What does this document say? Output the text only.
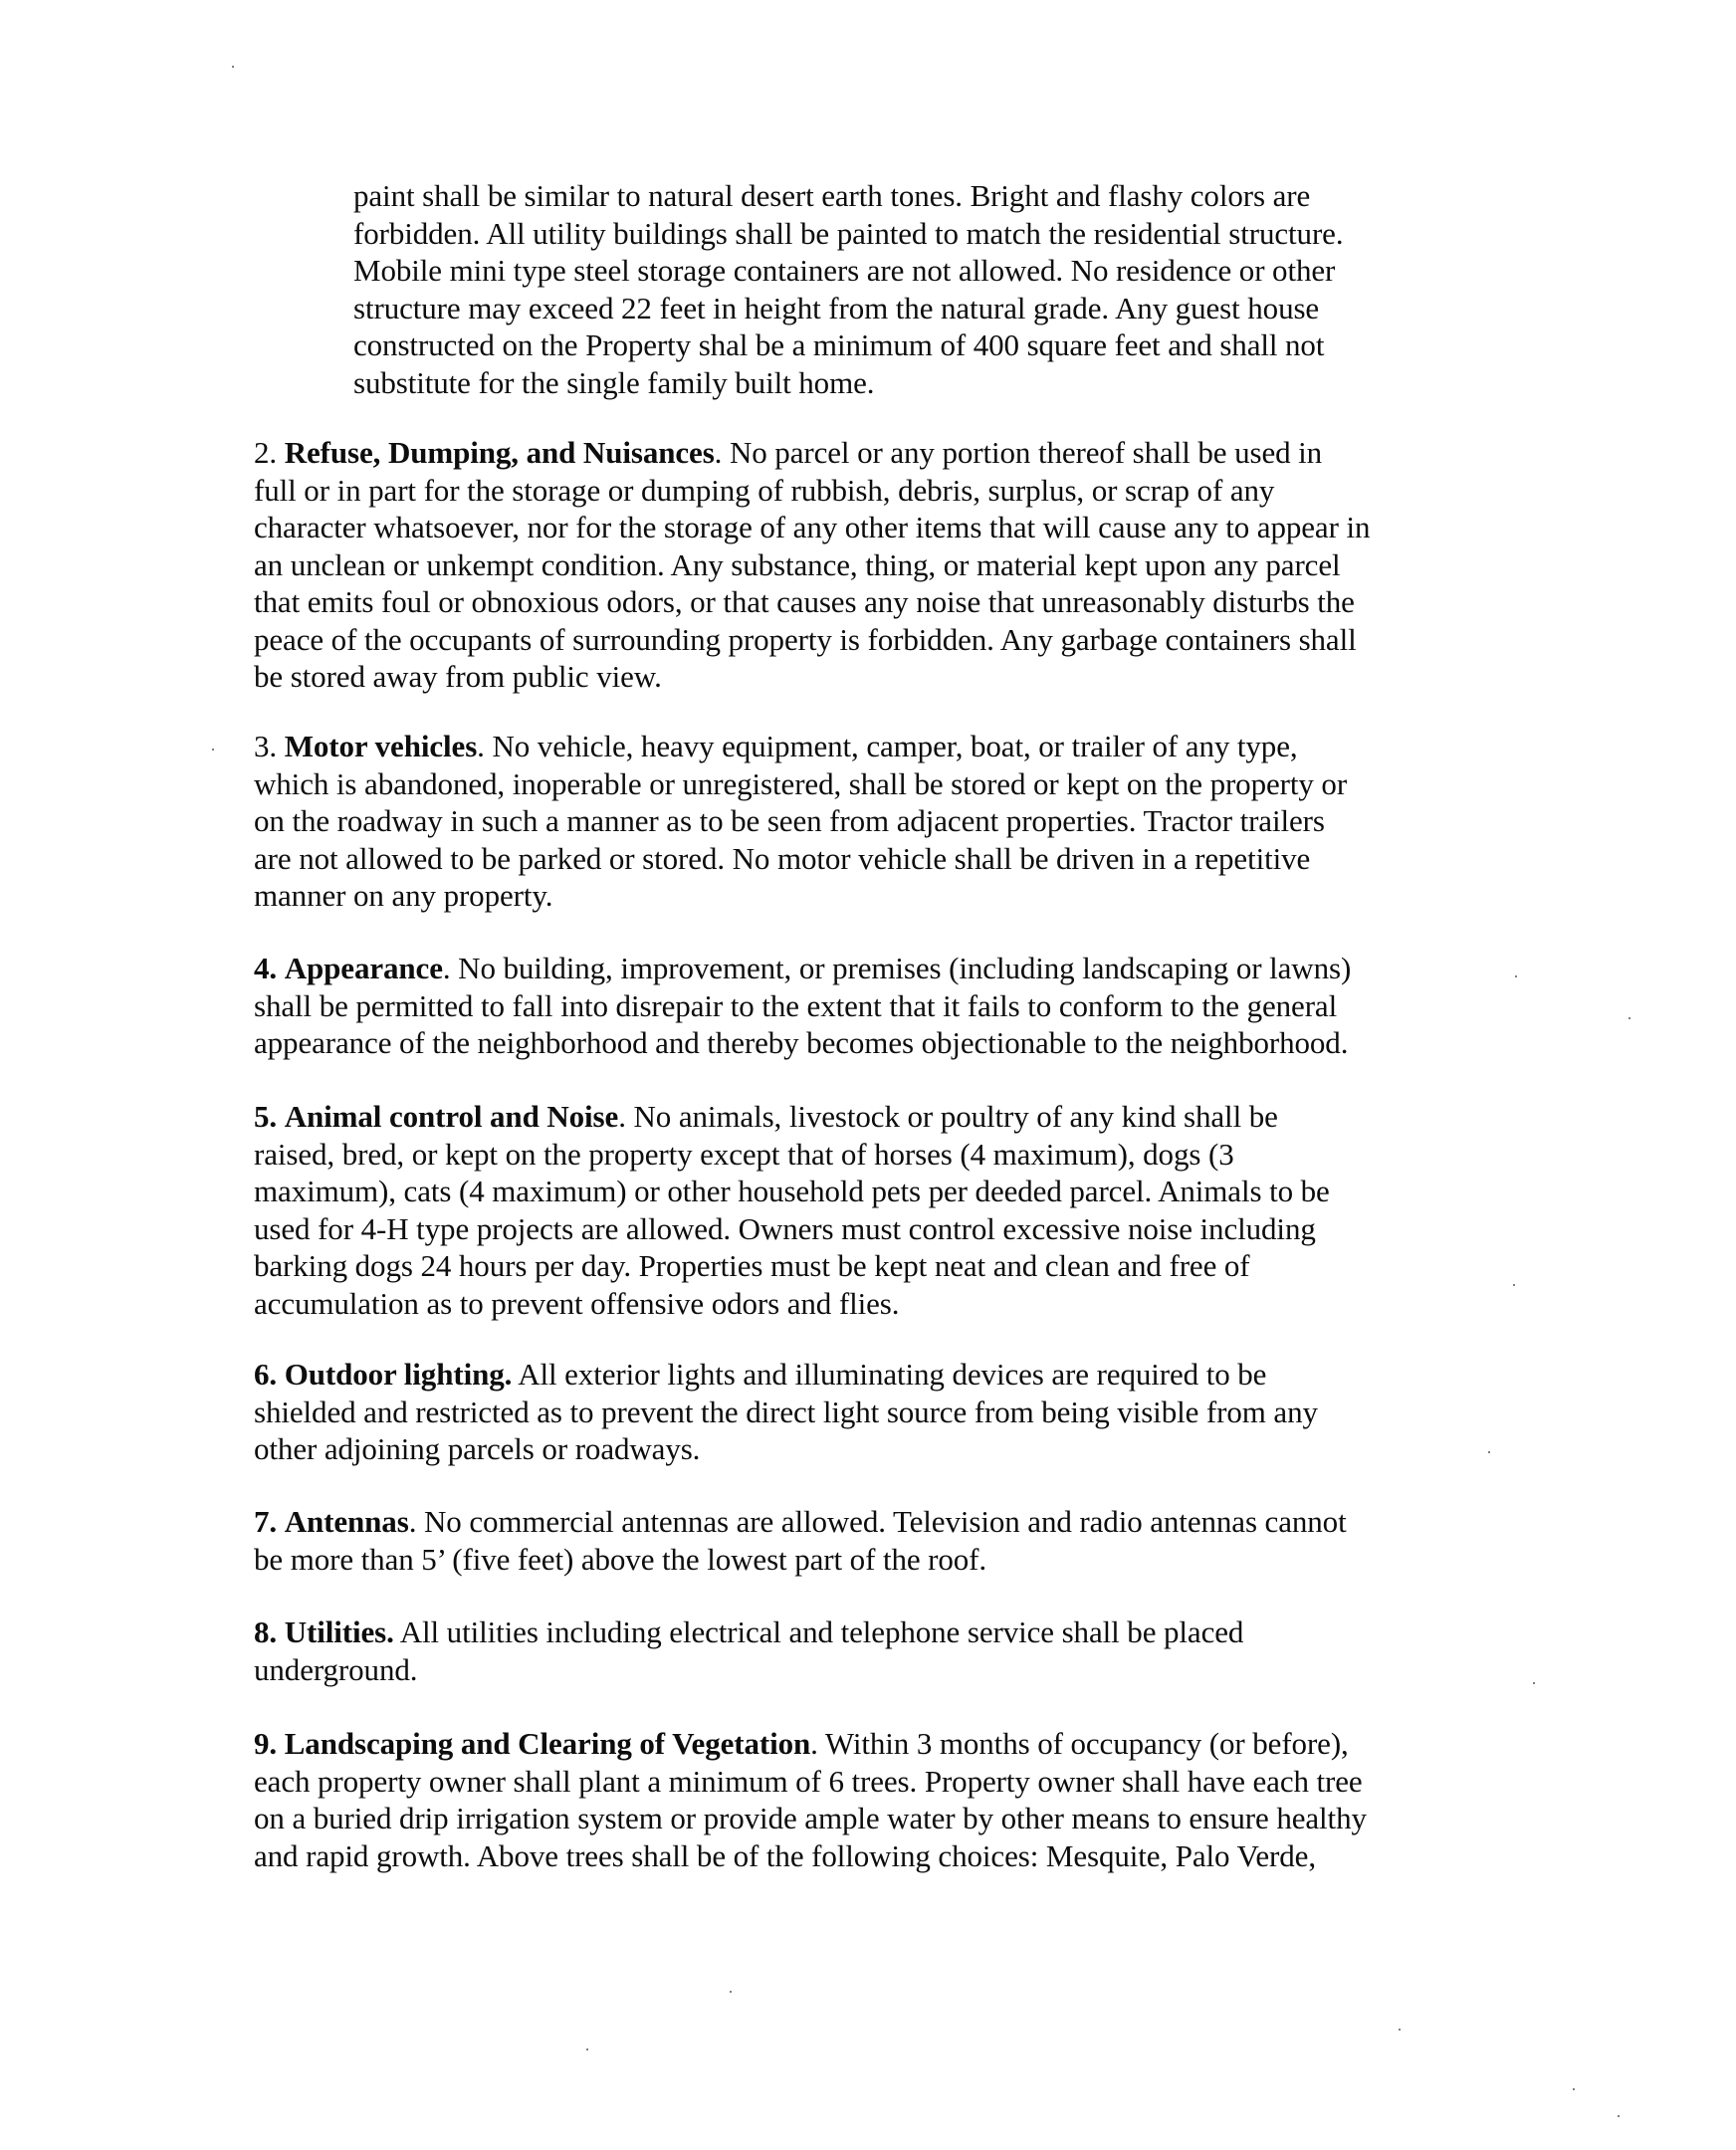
paint shall be similar to natural desert earth tones. Bright and flashy colors are
forbidden. All utility buildings shall be painted to match the residential structure.
Mobile mini type steel storage containers are not allowed. No residence or other
structure may exceed 22 feet in height from the natural grade. Any guest house
constructed on the Property shal be a minimum of 400 square feet and shall not
substitute for the single family built home.
2. Refuse, Dumping, and Nuisances. No parcel or any portion thereof shall be used in
full or in part for the storage or dumping of rubbish, debris, surplus, or scrap of any
character whatsoever, nor for the storage of any other items that will cause any to appear in
an unclean or unkempt condition. Any substance, thing, or material kept upon any parcel
that emits foul or obnoxious odors, or that causes any noise that unreasonably disturbs the
peace of the occupants of surrounding property is forbidden. Any garbage containers shall
be stored away from public view.
3. Motor vehicles. No vehicle, heavy equipment, camper, boat, or trailer of any type,
which is abandoned, inoperable or unregistered, shall be stored or kept on the property or
on the roadway in such a manner as to be seen from adjacent properties. Tractor trailers
are not allowed to be parked or stored. No motor vehicle shall be driven in a repetitive
manner on any property.
4. Appearance. No building, improvement, or premises (including landscaping or lawns)
shall be permitted to fall into disrepair to the extent that it fails to conform to the general
appearance of the neighborhood and thereby becomes objectionable to the neighborhood.
5. Animal control and Noise. No animals, livestock or poultry of any kind shall be
raised, bred, or kept on the property except that of horses (4 maximum), dogs (3
maximum), cats (4 maximum) or other household pets per deeded parcel. Animals to be
used for 4-H type projects are allowed. Owners must control excessive noise including
barking dogs 24 hours per day. Properties must be kept neat and clean and free of
accumulation as to prevent offensive odors and flies.
6. Outdoor lighting. All exterior lights and illuminating devices are required to be
shielded and restricted as to prevent the direct light source from being visible from any
other adjoining parcels or roadways.
7. Antennas. No commercial antennas are allowed. Television and radio antennas cannot
be more than 5’ (five feet) above the lowest part of the roof.
8. Utilities. All utilities including electrical and telephone service shall be placed
underground.
9. Landscaping and Clearing of Vegetation. Within 3 months of occupancy (or before),
each property owner shall plant a minimum of 6 trees. Property owner shall have each tree
on a buried drip irrigation system or provide ample water by other means to ensure healthy
and rapid growth. Above trees shall be of the following choices: Mesquite, Palo Verde,
